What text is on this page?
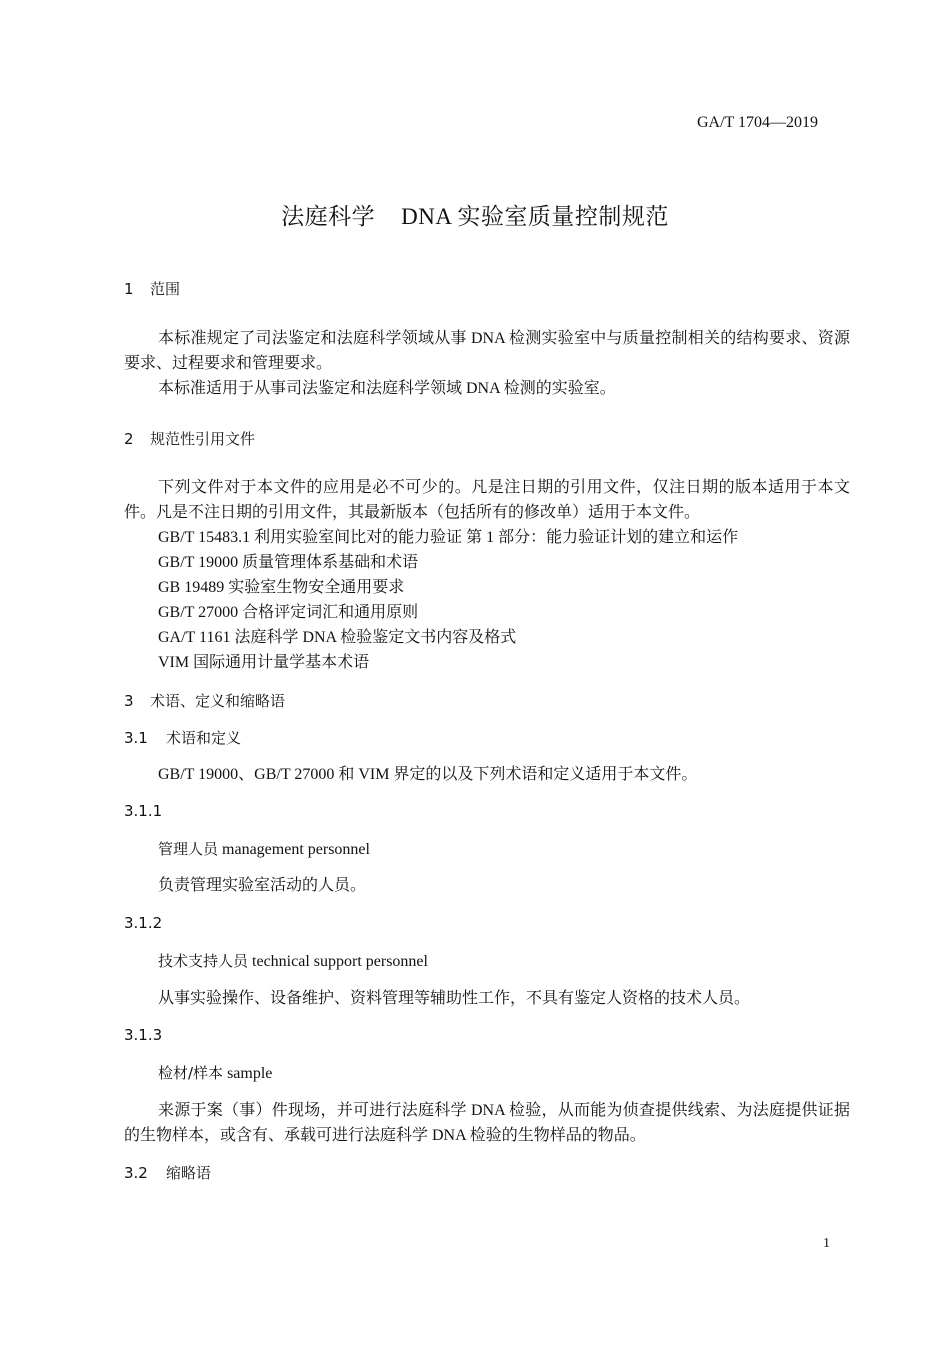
GA/T 1704—2019
法庭科学 DNA 实验室质量控制规范
1 范围

本标准规定了司法鉴定和法庭科学领域从事 DNA 检测实验室中与质量控制相关的结构要求、资源要求、过程要求和管理要求。

本标准适用于从事司法鉴定和法庭科学领域 DNA 检测的实验室。

2 规范性引用文件

下列文件对于本文件的应用是必不可少的。凡是注日期的引用文件，仅注日期的版本适用于本文件。凡是不注日期的引用文件，其最新版本（包括所有的修改单）适用于本文件。

GB/T 15483.1 利用实验室间比对的能力验证 第 1 部分：能力验证计划的建立和运作
GB/T 19000 质量管理体系基础和术语
GB 19489 实验室生物安全通用要求
GB/T 27000 合格评定词汇和通用原则
GA/T 1161 法庭科学 DNA 检验鉴定文书内容及格式
VIM 国际通用计量学基本术语
3 术语、定义和缩略语
3.1 术语和定义

GB/T 19000、GB/T 27000 和 VIM 界定的以及下列术语和定义适用于本文件。

3.1.1
管理人员 management personnel

负责管理实验室活动的人员。

3.1.2
技术支持人员 technical support personnel

从事实验操作、设备维护、资料管理等辅助性工作，不具有鉴定人资格的技术人员。

3.1.3
检材/样本 sample

来源于案（事）件现场，并可进行法庭科学 DNA 检验，从而能为侦查提供线索、为法庭提供证据的生物样本，或含有、承载可进行法庭科学 DNA 检验的生物样品的物品。

3.2 缩略语
1
